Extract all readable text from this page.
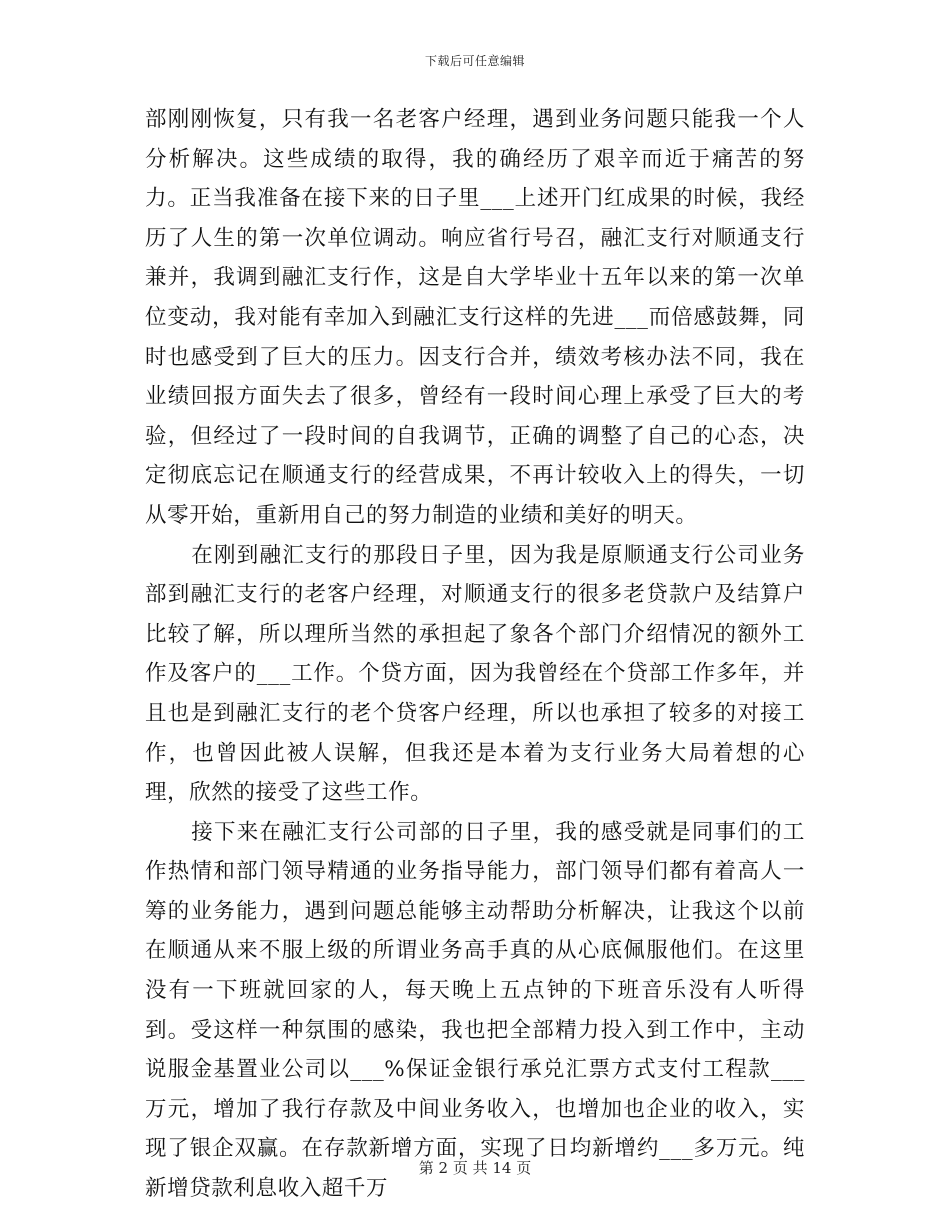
下载后可任意编辑

部刚刚恢复，只有我一名老客户经理，遇到业务问题只能我一个人分析解决。这些成绩的取得，我的确经历了艰辛而近于痛苦的努力。正当我准备在接下来的日子里___上述开门红成果的时候，我经历了人生的第一次单位调动。响应省行号召，融汇支行对顺通支行兼并，我调到融汇支行作，这是自大学毕业十五年以来的第一次单位变动，我对能有幸加入到融汇支行这样的先进___而倍感鼓舞，同时也感受到了巨大的压力。因支行合并，绩效考核办法不同，我在业绩回报方面失去了很多，曾经有一段时间心理上承受了巨大的考验，但经过了一段时间的自我调节，正确的调整了自己的心态，决定彻底忘记在顺通支行的经营成果，不再计较收入上的得失，一切从零开始，重新用自己的努力制造的业绩和美好的明天。

在刚到融汇支行的那段日子里，因为我是原顺通支行公司业务部到融汇支行的老客户经理，对顺通支行的很多老贷款户及结算户比较了解，所以理所当然的承担起了象各个部门介绍情况的额外工作及客户的___工作。个贷方面，因为我曾经在个贷部工作多年，并且也是到融汇支行的老个贷客户经理，所以也承担了较多的对接工作，也曾因此被人误解，但我还是本着为支行业务大局着想的心理，欣然的接受了这些工作。

接下来在融汇支行公司部的日子里，我的感受就是同事们的工作热情和部门领导精通的业务指导能力，部门领导们都有着高人一筹的业务能力，遇到问题总能够主动帮助分析解决，让我这个以前在顺通从来不服上级的所谓业务高手真的从心底佩服他们。在这里没有一下班就回家的人，每天晚上五点钟的下班音乐没有人听得到。受这样一种氛围的感染，我也把全部精力投入到工作中，主动说服金基置业公司以___%保证金银行承兑汇票方式支付工程款___万元，增加了我行存款及中间业务收入，也增加也企业的收入，实现了银企双赢。在存款新增方面，实现了日均新增约___多万元。纯新增贷款利息收入超千万

第 2 页 共 14 页
